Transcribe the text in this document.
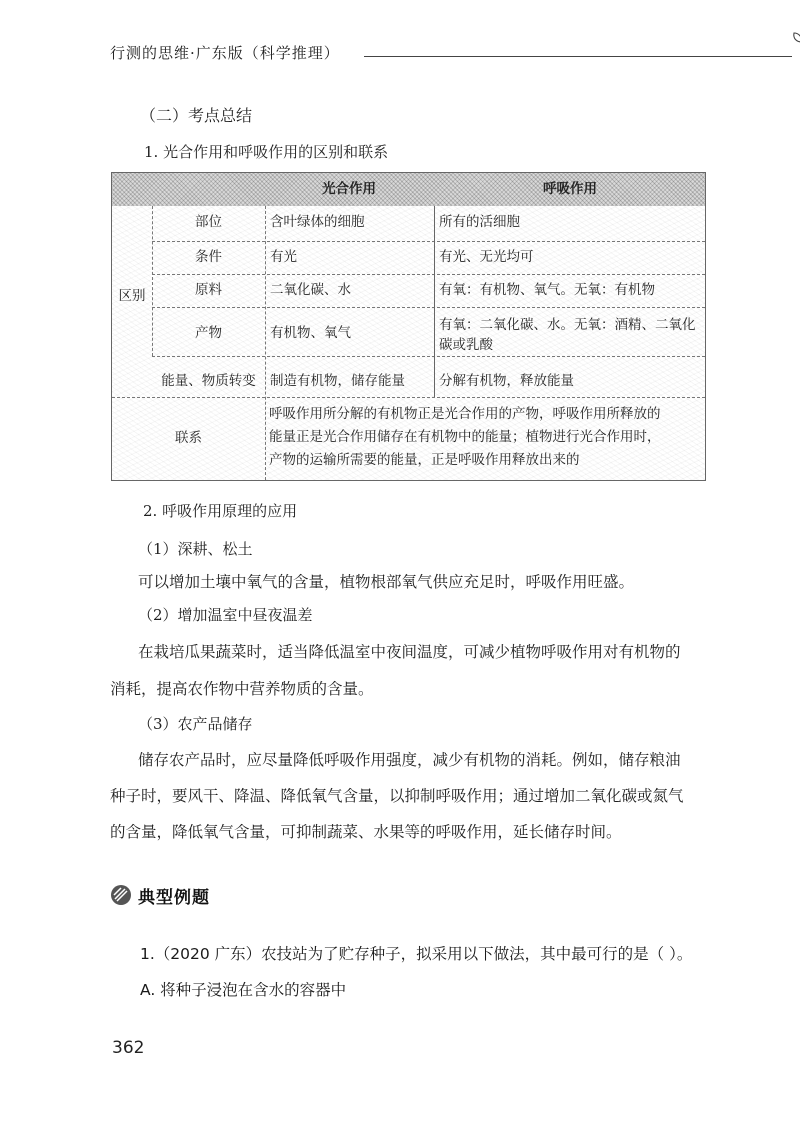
行测的思维·广东版（科学推理）
（二）考点总结
1. 光合作用和呼吸作用的区别和联系
光合作用	呼吸作用
区别
部位
条件
原料
产物
能量、物质转变
联系
含叶绿体的细胞
有光
二氧化碳、水
有机物、氧气
制造有机物，储存能量
所有的活细胞
有光、无光均可
有氧：有机物、氧气。无氧：有机物
有氧：二氧化碳、水。无氧：酒精、二氧化碳或乳酸
分解有机物，释放能量
呼吸作用所分解的有机物正是光合作用的产物，呼吸作用所释放的
能量正是光合作用储存在有机物中的能量；植物进行光合作用时，
产物的运输所需要的能量，正是呼吸作用释放出来的
2. 呼吸作用原理的应用
（1）深耕、松土
可以增加土壤中氧气的含量，植物根部氧气供应充足时，呼吸作用旺盛。
（2）增加温室中昼夜温差
在栽培瓜果蔬菜时，适当降低温室中夜间温度，可减少植物呼吸作用对有机物的
消耗，提高农作物中营养物质的含量。
（3）农产品储存
储存农产品时，应尽量降低呼吸作用强度，减少有机物的消耗。例如，储存粮油
种子时，要风干、降温、降低氧气含量，以抑制呼吸作用；通过增加二氧化碳或氮气
的含量，降低氧气含量，可抑制蔬菜、水果等的呼吸作用，延长储存时间。
典型例题
1.（2020 广东）农技站为了贮存种子，拟采用以下做法，其中最可行的是（ ）。
A. 将种子浸泡在含水的容器中
362
